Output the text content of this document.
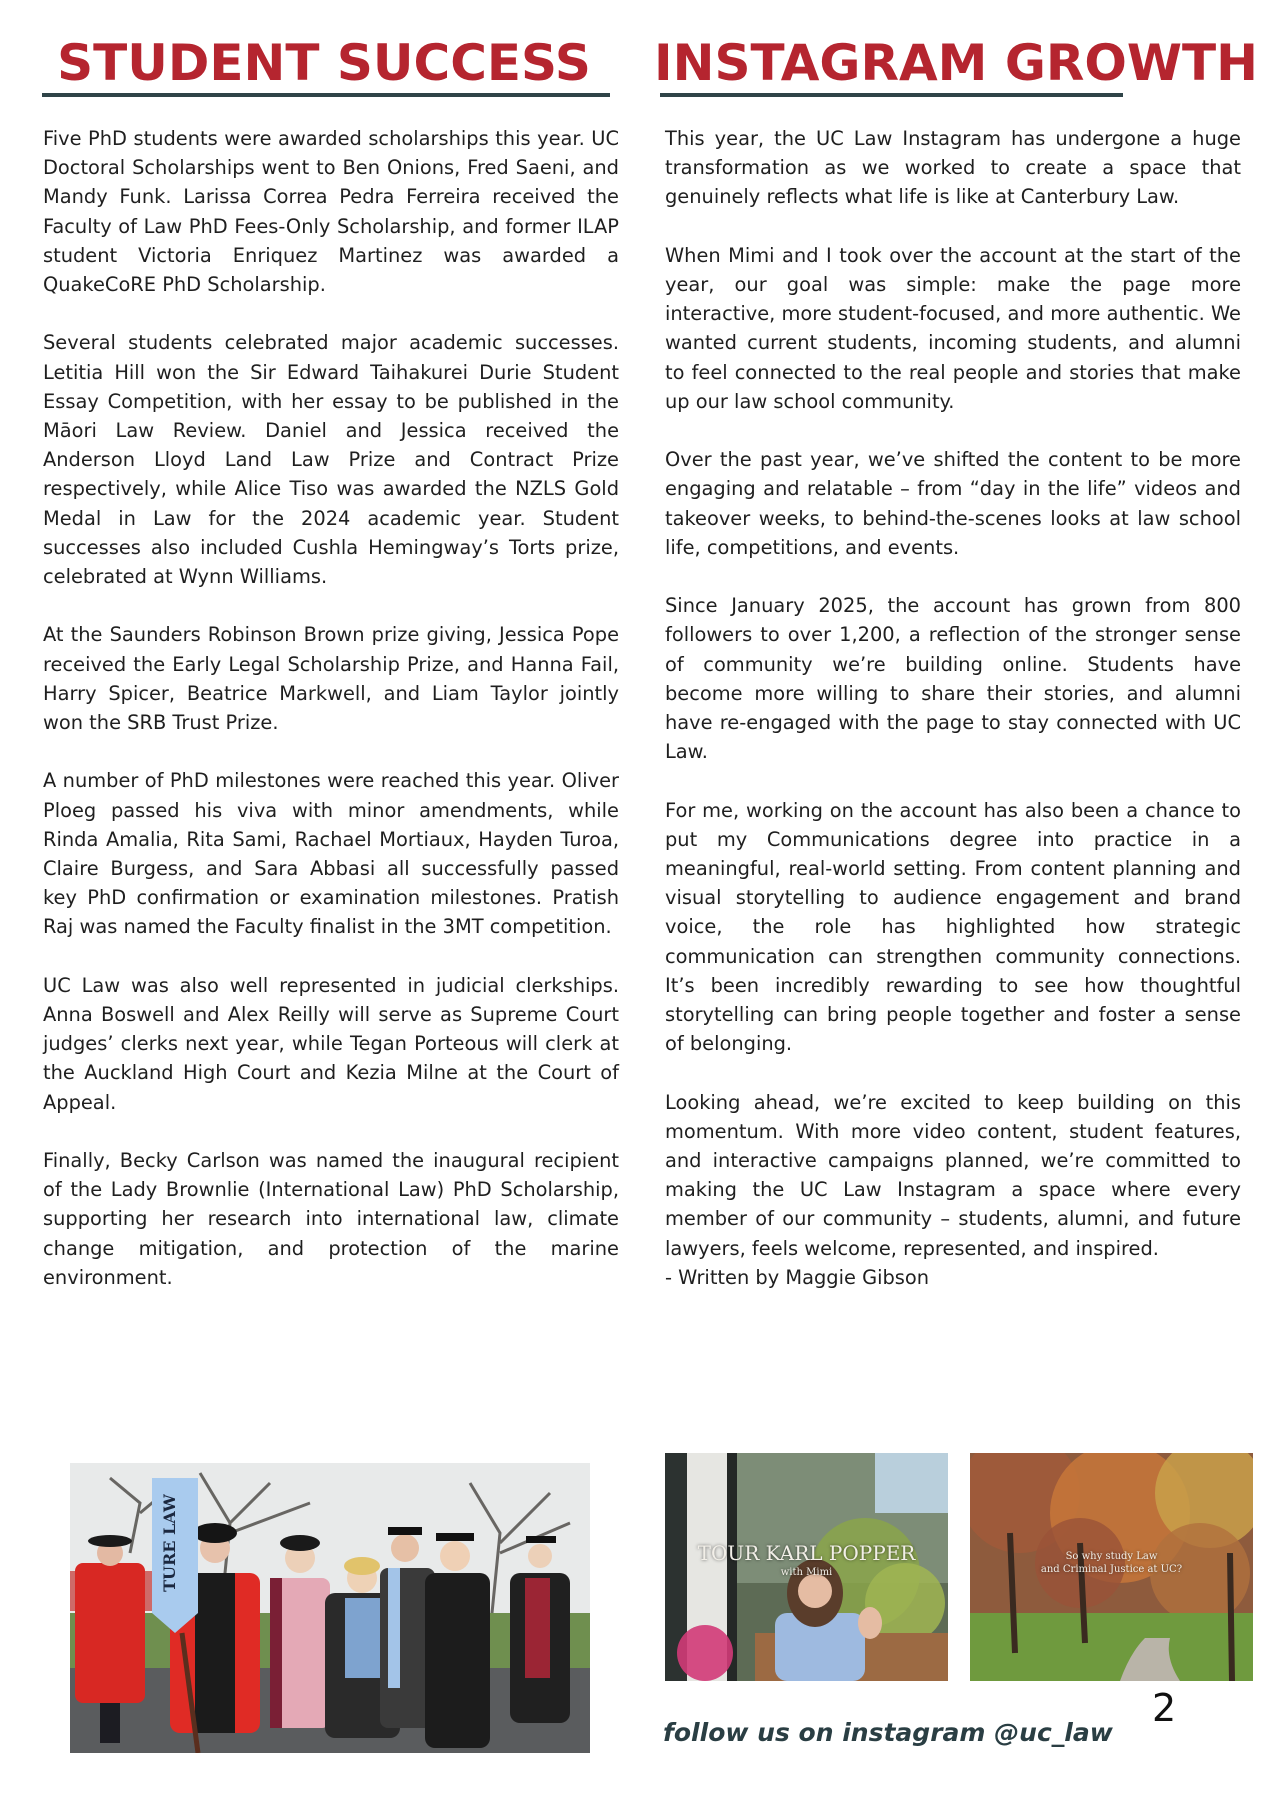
STUDENT SUCCESS INSTAGRAM GROWTH

Five PhD students were awarded scholarships this year. UC Doctoral Scholarships went to Ben Onions, Fred Saeni, and Mandy Funk. Larissa Correa Pedra Ferreira received the Faculty of Law PhD Fees-Only Scholarship, and former ILAP student Victoria Enriquez Martinez was awarded a QuakeCoRE PhD Scholarship.

Several students celebrated major academic successes. Letitia Hill won the Sir Edward Taihakurei Durie Student Essay Competition, with her essay to be published in the Māori Law Review. Daniel and Jessica received the Anderson Lloyd Land Law Prize and Contract Prize respectively, while Alice Tiso was awarded the NZLS Gold Medal in Law for the 2024 academic year. Student successes also included Cushla Hemingway’s Torts prize, celebrated at Wynn Williams.

At the Saunders Robinson Brown prize giving, Jessica Pope received the Early Legal Scholarship Prize, and Hanna Fail, Harry Spicer, Beatrice Markwell, and Liam Taylor jointly won the SRB Trust Prize.

A number of PhD milestones were reached this year. Oliver Ploeg passed his viva with minor amendments, while Rinda Amalia, Rita Sami, Rachael Mortiaux, Hayden Turoa, Claire Burgess, and Sara Abbasi all successfully passed key PhD confirmation or examination milestones. Pratish Raj was named the Faculty finalist in the 3MT competition.

UC Law was also well represented in judicial clerkships. Anna Boswell and Alex Reilly will serve as Supreme Court judges’ clerks next year, while Tegan Porteous will clerk at the Auckland High Court and Kezia Milne at the Court of Appeal.

Finally, Becky Carlson was named the inaugural recipient of the Lady Brownlie (International Law) PhD Scholarship, supporting her research into international law, climate change mitigation, and protection of the marine environment.

This year, the UC Law Instagram has undergone a huge transformation as we worked to create a space that genuinely reflects what life is like at Canterbury Law.

When Mimi and I took over the account at the start of the year, our goal was simple: make the page more interactive, more student-focused, and more authentic. We wanted current students, incoming students, and alumni to feel connected to the real people and stories that make up our law school community.

Over the past year, we’ve shifted the content to be more engaging and relatable – from “day in the life” videos and takeover weeks, to behind-the-scenes looks at law school life, competitions, and events.

Since January 2025, the account has grown from 800 followers to over 1,200, a reflection of the stronger sense of community we’re building online. Students have become more willing to share their stories, and alumni have re-engaged with the page to stay connected with UC Law.

For me, working on the account has also been a chance to put my Communications degree into practice in a meaningful, real-world setting. From content planning and visual storytelling to audience engagement and brand voice, the role has highlighted how strategic communication can strengthen community connections. It’s been incredibly rewarding to see how thoughtful storytelling can bring people together and foster a sense of belonging.

Looking ahead, we’re excited to keep building on this momentum. With more video content, student features, and interactive campaigns planned, we’re committed to making the UC Law Instagram a space where every member of our community – students, alumni, and future lawyers, feels welcome, represented, and inspired.

- Written by Maggie Gibson

TURE LAW	TOUR KARL POPPER
with Mimi
So why study Law
and Criminal Justice at UC?
follow us on instagram @uc_law
2
